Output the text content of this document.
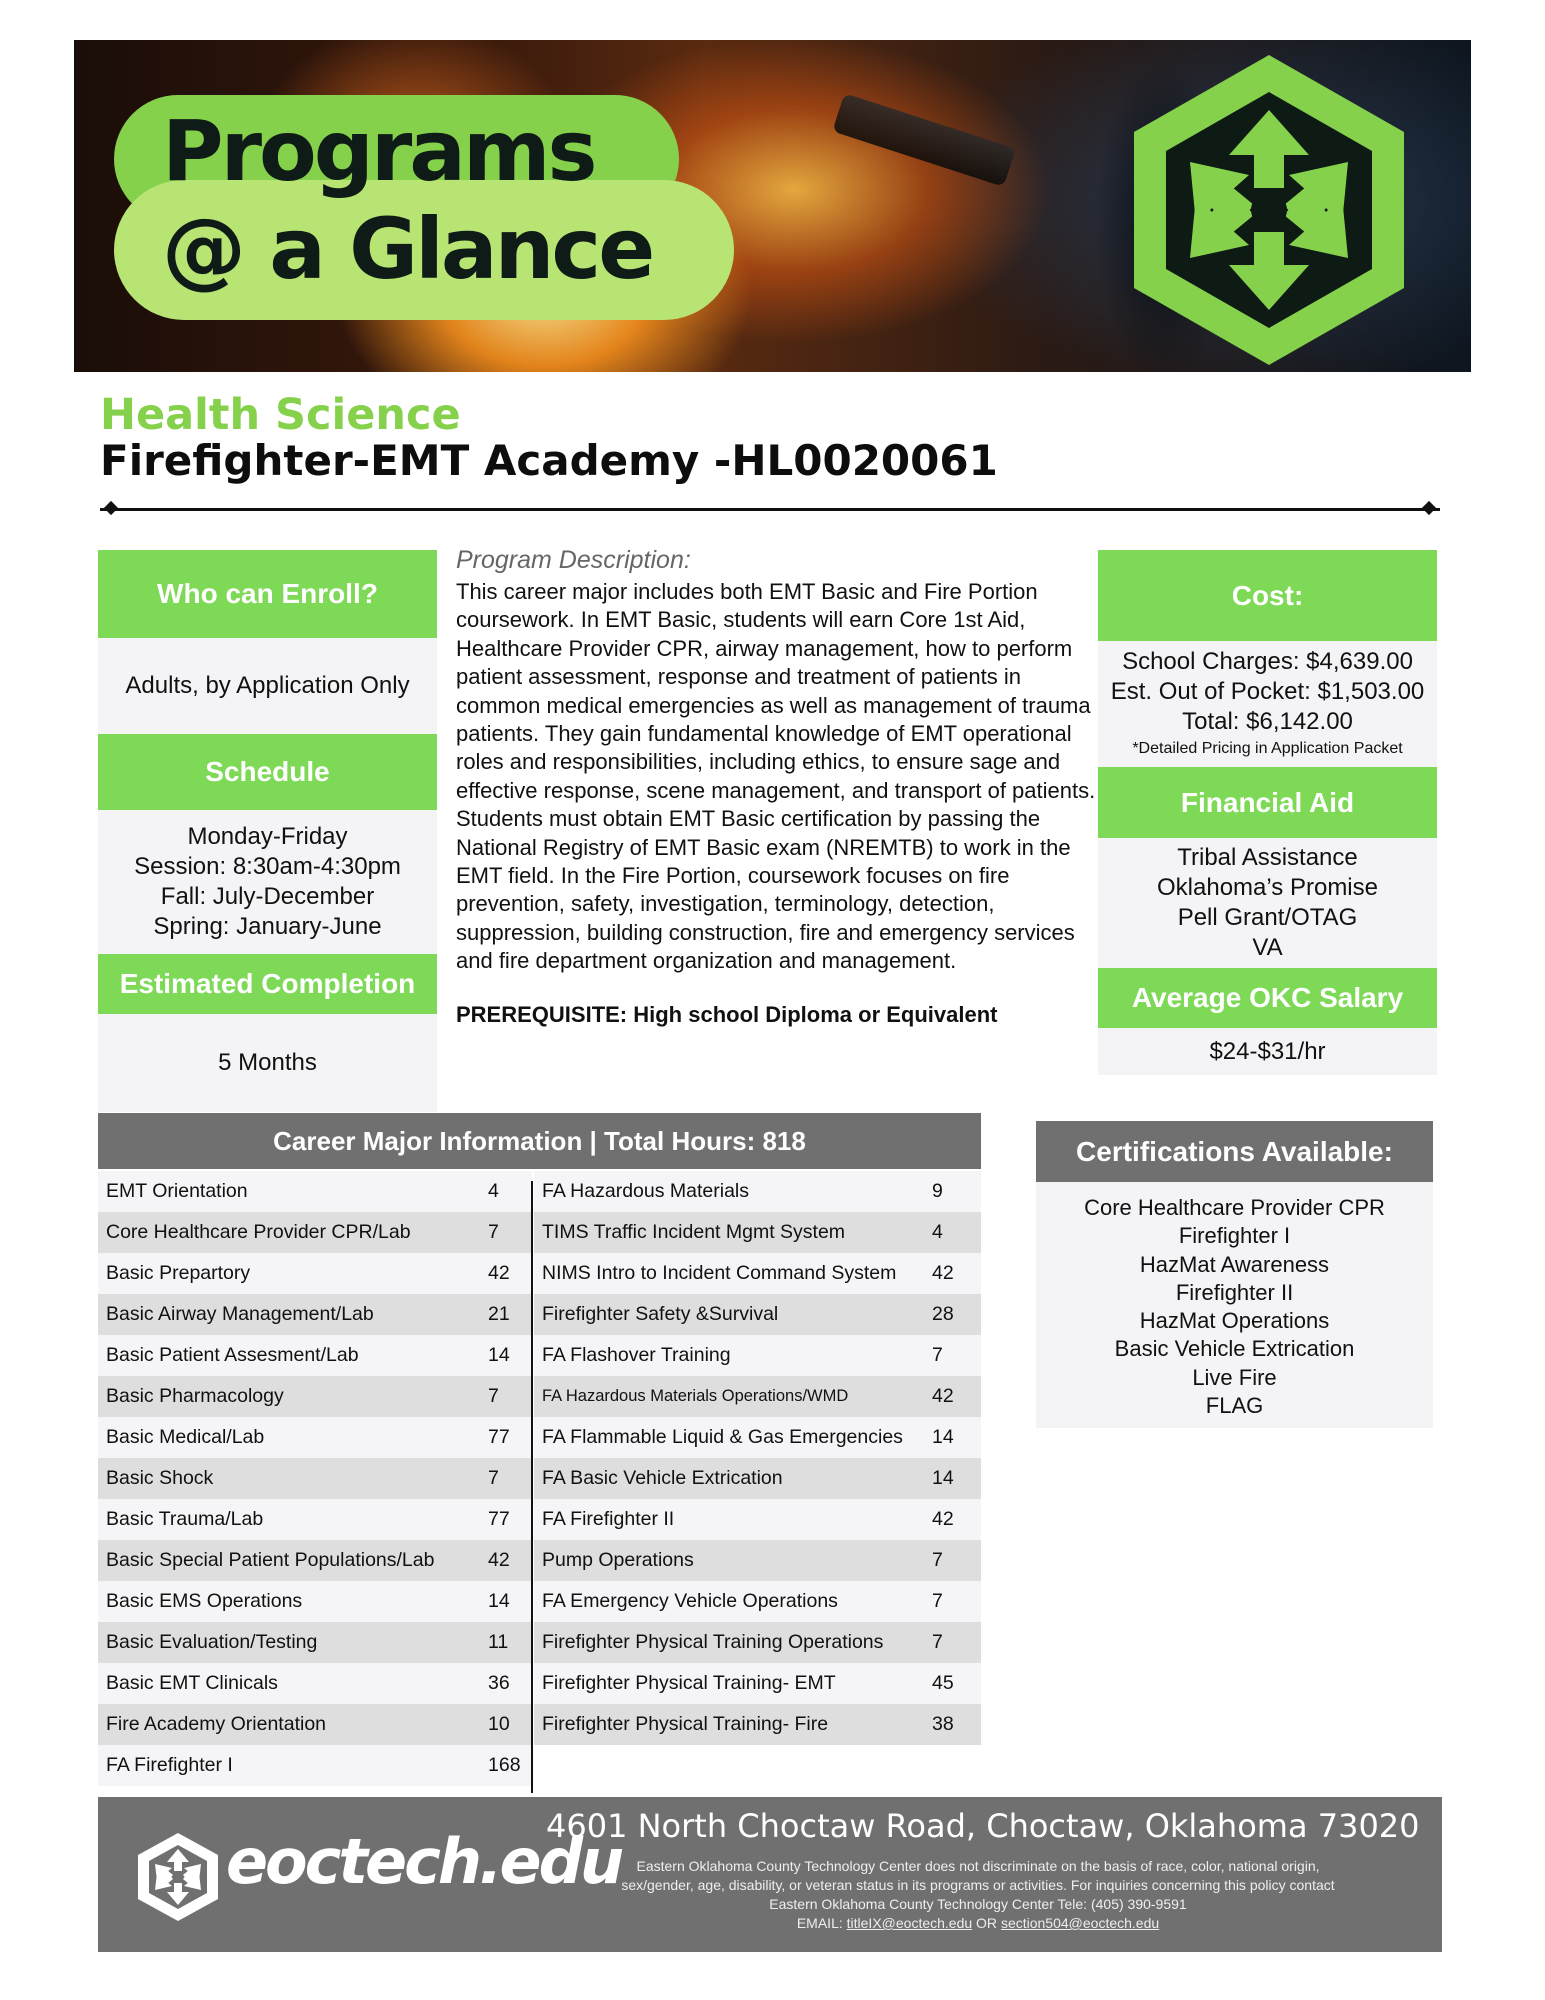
Programs
@ a Glance
Health Science
Firefighter-EMT Academy -HL0020061
Who can Enroll?
Adults, by Application Only
Schedule
Monday-Friday
Session: 8:30am-4:30pm
Fall: July-December
Spring: January-June
Estimated Completion
5 Months
Program Description:
This career major includes both EMT Basic and Fire Portion coursework. In EMT Basic, students will earn Core 1st Aid, Healthcare Provider CPR, airway management, how to perform patient assessment, response and treatment of patients in common medical emergencies as well as management of trauma patients. They gain fundamental knowledge of EMT operational roles and responsibilities, including ethics, to ensure sage and effective response, scene management, and transport of patients. Students must obtain EMT Basic certification by passing the National Registry of EMT Basic exam (NREMTB) to work in the EMT field. In the Fire Portion, coursework focuses on fire prevention, safety, investigation, terminology, detection, suppression, building construction, fire and emergency services and fire department organization and management.
PREREQUISITE: High school Diploma or Equivalent
Cost:
School Charges: $4,639.00
Est. Out of Pocket: $1,503.00
Total: $6,142.00
*Detailed Pricing in Application Packet
Financial Aid
Tribal Assistance
Oklahoma’s Promise
Pell Grant/OTAG
VA
Average OKC Salary
$24-$31/hr
Career Major Information | Total Hours: 818
EMT Orientation	4
Core Healthcare Provider CPR/Lab	7
Basic Prepartory	42
Basic Airway Management/Lab	21
Basic Patient Assesment/Lab	14
Basic Pharmacology	7
Basic Medical/Lab	77
Basic Shock	7
Basic Trauma/Lab	77
Basic Special Patient Populations/Lab	42
Basic EMS Operations	14
Basic Evaluation/Testing	11
Basic EMT Clinicals	36
Fire Academy Orientation	10
FA Firefighter I	168
FA Hazardous Materials	9
TIMS Traffic Incident Mgmt System	4
NIMS Intro to Incident Command System	42
Firefighter Safety &Survival	28
FA Flashover Training	7
FA Hazardous Materials Operations/WMD	42
FA Flammable Liquid & Gas Emergencies	14
FA Basic Vehicle Extrication	14
FA Firefighter II	42
Pump Operations	7
FA Emergency Vehicle Operations	7
Firefighter Physical Training Operations	7
Firefighter Physical Training- EMT	45
Firefighter Physical Training- Fire	38
Certifications Available:
Core Healthcare Provider CPR
Firefighter I
HazMat Awareness
Firefighter II
HazMat Operations
Basic Vehicle Extrication
Live Fire
FLAG
eoctech.edu
4601 North Choctaw Road, Choctaw, Oklahoma 73020
Eastern Oklahoma County Technology Center does not discriminate on the basis of race, color, national origin,
sex/gender, age, disability, or veteran status in its programs or activities. For inquiries concerning this policy contact
Eastern Oklahoma County Technology Center Tele: (405) 390-9591
EMAIL: titleIX@eoctech.edu OR section504@eoctech.edu
